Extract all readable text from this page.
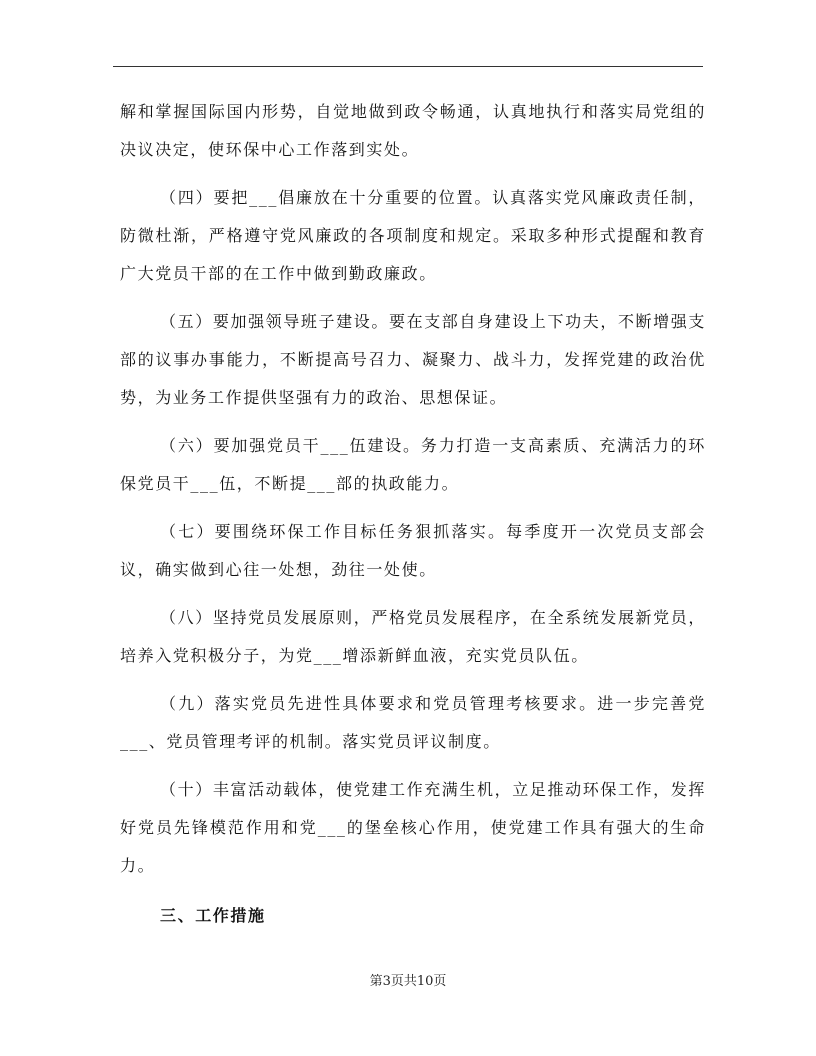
解和掌握国际国内形势，自觉地做到政令畅通，认真地执行和落实局党组的决议决定，使环保中心工作落到实处。

（四）要把___倡廉放在十分重要的位置。认真落实党风廉政责任制，防微杜渐，严格遵守党风廉政的各项制度和规定。采取多种形式提醒和教育广大党员干部的在工作中做到勤政廉政。

（五）要加强领导班子建设。要在支部自身建设上下功夫，不断增强支部的议事办事能力，不断提高号召力、凝聚力、战斗力，发挥党建的政治优势，为业务工作提供坚强有力的政治、思想保证。

（六）要加强党员干___伍建设。务力打造一支高素质、充满活力的环保党员干___伍，不断提___部的执政能力。

（七）要围绕环保工作目标任务狠抓落实。每季度开一次党员支部会议，确实做到心往一处想，劲往一处使。

（八）坚持党员发展原则，严格党员发展程序，在全系统发展新党员，培养入党积极分子，为党___增添新鲜血液，充实党员队伍。

（九）落实党员先进性具体要求和党员管理考核要求。进一步完善党___、党员管理考评的机制。落实党员评议制度。

（十）丰富活动载体，使党建工作充满生机，立足推动环保工作，发挥好党员先锋模范作用和党___的堡垒核心作用，使党建工作具有强大的生命力。

三、工作措施

第3页共10页
